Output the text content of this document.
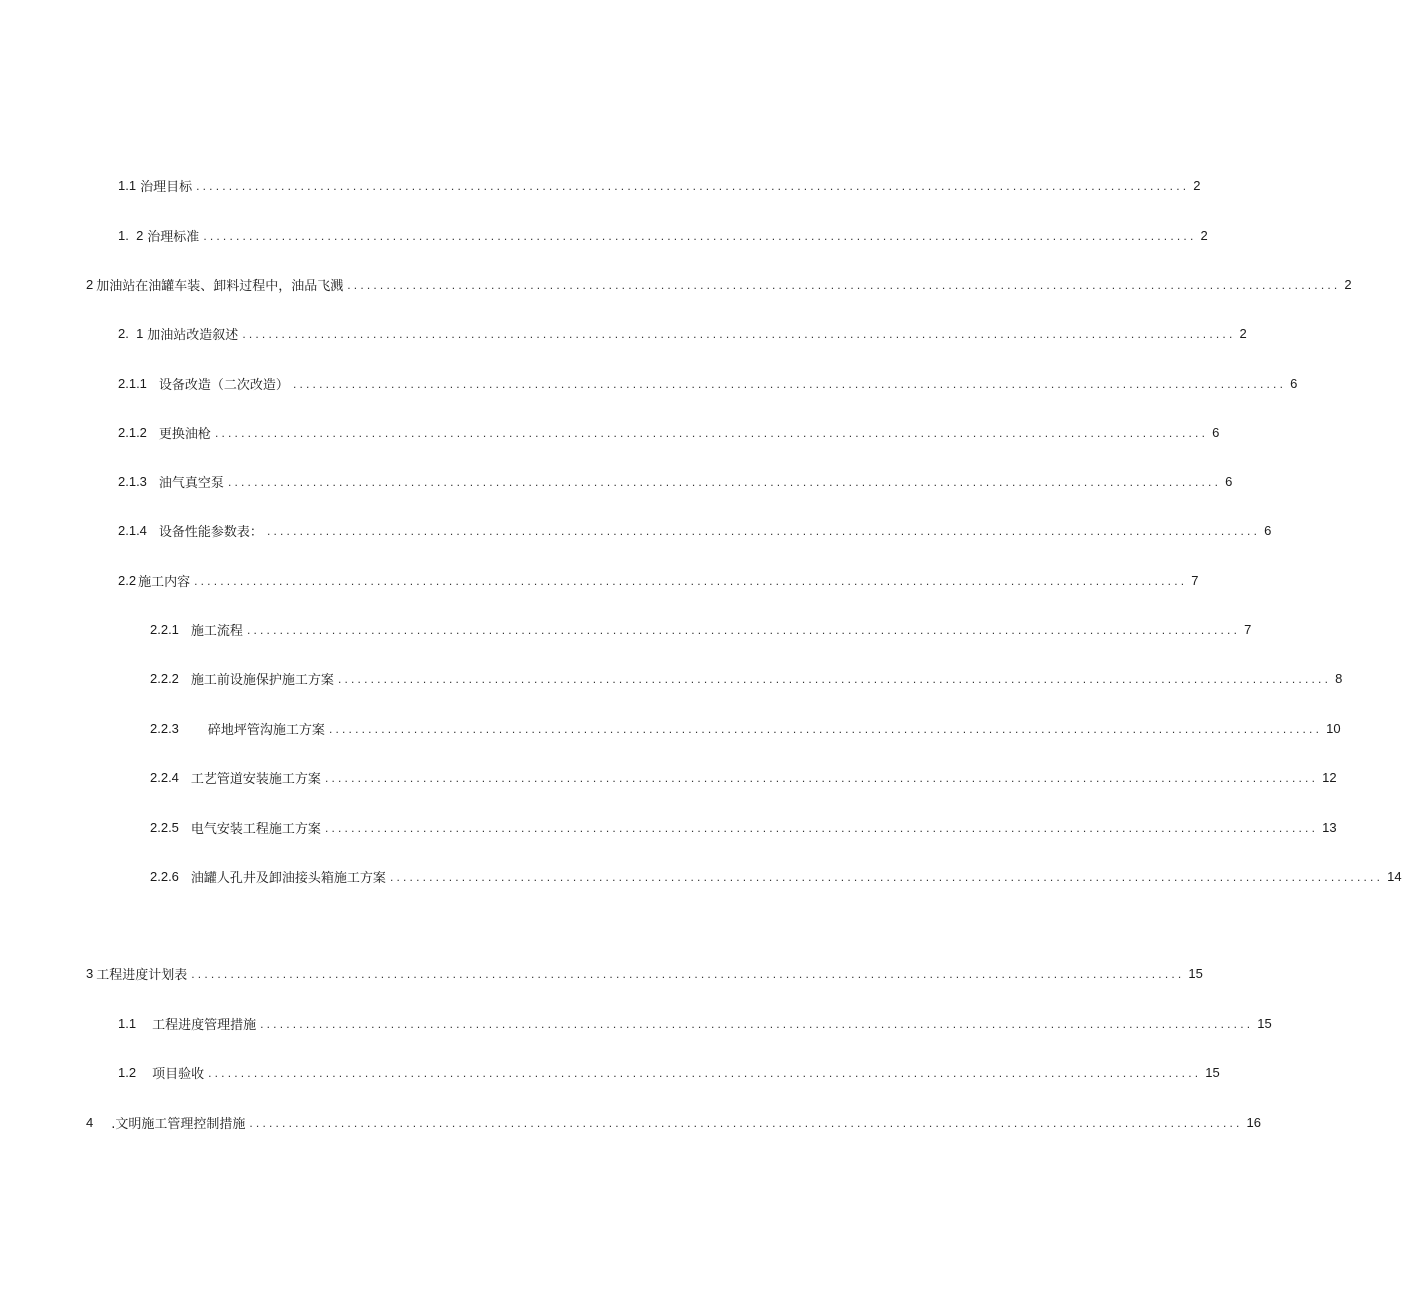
1.1 治理目标 ........................................................................................................................................................ 2
1.  2 治理标准 ........................................................................................................................................................ 2
2 加油站在油罐车装、卸料过程中，油品飞溅 ........................................................................................................................................................ 2
2.  1 加油站改造叙述 ........................................................................................................................................................ 2
2.1.1 设备改造（二次改造） ........................................................................................................................................................ 6
2.1.2 更换油枪 ........................................................................................................................................................ 6
2.1.3 油气真空泵 ........................................................................................................................................................ 6
2.1.4 设备性能参数表： ........................................................................................................................................................ 6
2.2 施工内容 ........................................................................................................................................................ 7
2.2.1 施工流程 ........................................................................................................................................................ 7
2.2.2 施工前设施保护施工方案 ........................................................................................................................................................ 8
2.2.3 碎地坪管沟施工方案 ........................................................................................................................................................ 10
2.2.4 工艺管道安装施工方案 ........................................................................................................................................................ 12
2.2.5 电气安装工程施工方案 ........................................................................................................................................................ 13
2.2.6 油罐人孔井及卸油接头箱施工方案 ........................................................................................................................................................ 14
3 工程进度计划表 ........................................................................................................................................................ 15
1.1 工程进度管理措施 ........................................................................................................................................................ 15
1.2 项目验收 ........................................................................................................................................................ 15
4 .文明施工管理控制措施 ........................................................................................................................................................ 16
